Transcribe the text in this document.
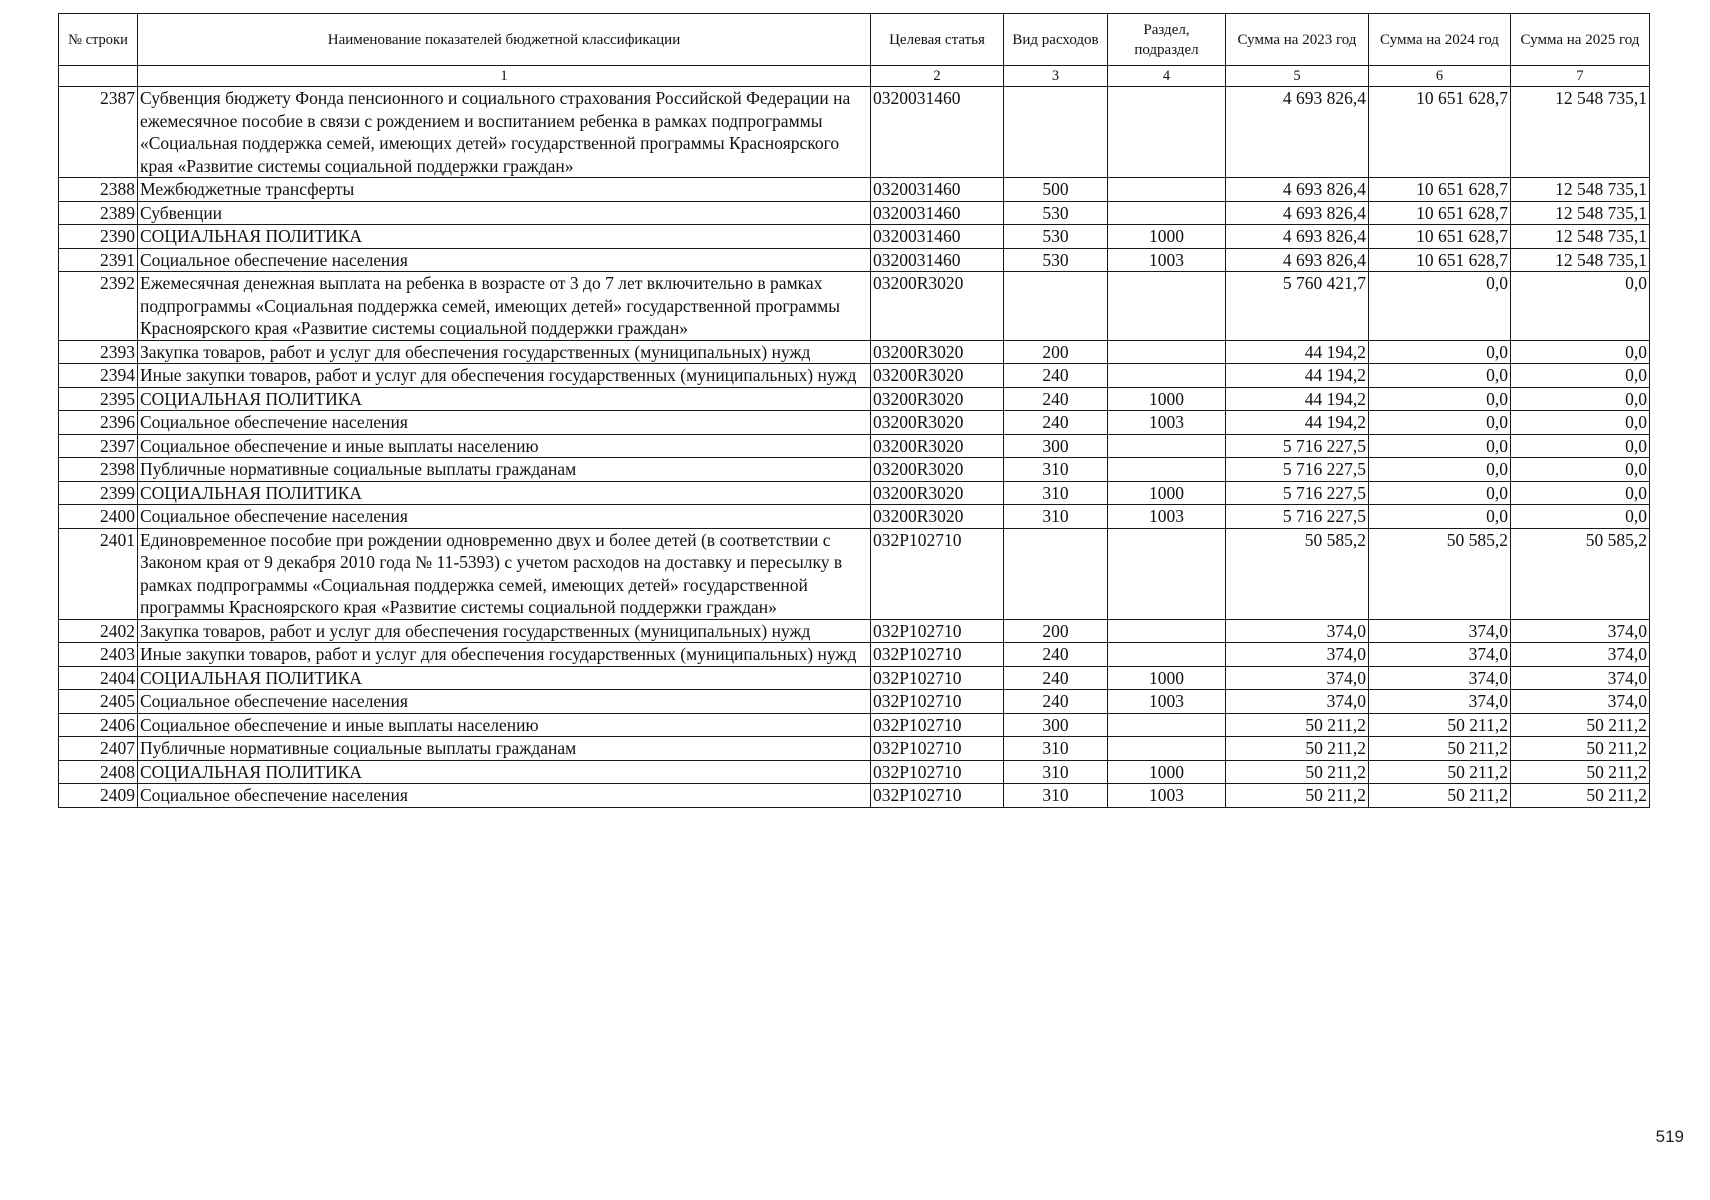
№ строки	Наименование показателей бюджетной классификации	Целевая статья	Вид расходов	Раздел, подраздел	Сумма на 2023 год	Сумма на 2024 год	Сумма на 2025 год
	1	2	3	4	5	6	7
2387	Субвенция бюджету Фонда пенсионного и социального страхования Российской Федерации на ежемесячное пособие в связи с рождением и воспитанием ребенка в рамках подпрограммы «Социальная поддержка семей, имеющих детей» государственной программы Красноярского края «Развитие системы социальной поддержки граждан»	0320031460			4 693 826,4	10 651 628,7	12 548 735,1
2388	Межбюджетные трансферты	0320031460	500		4 693 826,4	10 651 628,7	12 548 735,1
2389	Субвенции	0320031460	530		4 693 826,4	10 651 628,7	12 548 735,1
2390	СОЦИАЛЬНАЯ ПОЛИТИКА	0320031460	530	1000	4 693 826,4	10 651 628,7	12 548 735,1
2391	Социальное обеспечение населения	0320031460	530	1003	4 693 826,4	10 651 628,7	12 548 735,1
2392	Ежемесячная денежная выплата на ребенка в возрасте от 3 до 7 лет включительно в рамках подпрограммы «Социальная поддержка семей, имеющих детей» государственной программы Красноярского края «Развитие системы социальной поддержки граждан»	03200R3020			5 760 421,7	0,0	0,0
2393	Закупка товаров, работ и услуг для обеспечения государственных (муниципальных) нужд	03200R3020	200		44 194,2	0,0	0,0
2394	Иные закупки товаров, работ и услуг для обеспечения государственных (муниципальных) нужд	03200R3020	240		44 194,2	0,0	0,0
2395	СОЦИАЛЬНАЯ ПОЛИТИКА	03200R3020	240	1000	44 194,2	0,0	0,0
2396	Социальное обеспечение населения	03200R3020	240	1003	44 194,2	0,0	0,0
2397	Социальное обеспечение и иные выплаты населению	03200R3020	300		5 716 227,5	0,0	0,0
2398	Публичные нормативные социальные выплаты гражданам	03200R3020	310		5 716 227,5	0,0	0,0
2399	СОЦИАЛЬНАЯ ПОЛИТИКА	03200R3020	310	1000	5 716 227,5	0,0	0,0
2400	Социальное обеспечение населения	03200R3020	310	1003	5 716 227,5	0,0	0,0
2401	Единовременное пособие при рождении одновременно двух и более детей (в соответствии с Законом края от 9 декабря 2010 года № 11-5393) с учетом расходов на доставку и пересылку в рамках подпрограммы «Социальная поддержка семей, имеющих детей» государственной программы Красноярского края «Развитие системы социальной поддержки граждан»	032P102710			50 585,2	50 585,2	50 585,2
2402	Закупка товаров, работ и услуг для обеспечения государственных (муниципальных) нужд	032P102710	200		374,0	374,0	374,0
2403	Иные закупки товаров, работ и услуг для обеспечения государственных (муниципальных) нужд	032P102710	240		374,0	374,0	374,0
2404	СОЦИАЛЬНАЯ ПОЛИТИКА	032P102710	240	1000	374,0	374,0	374,0
2405	Социальное обеспечение населения	032P102710	240	1003	374,0	374,0	374,0
2406	Социальное обеспечение и иные выплаты населению	032P102710	300		50 211,2	50 211,2	50 211,2
2407	Публичные нормативные социальные выплаты гражданам	032P102710	310		50 211,2	50 211,2	50 211,2
2408	СОЦИАЛЬНАЯ ПОЛИТИКА	032P102710	310	1000	50 211,2	50 211,2	50 211,2
2409	Социальное обеспечение населения	032P102710	310	1003	50 211,2	50 211,2	50 211,2
519
